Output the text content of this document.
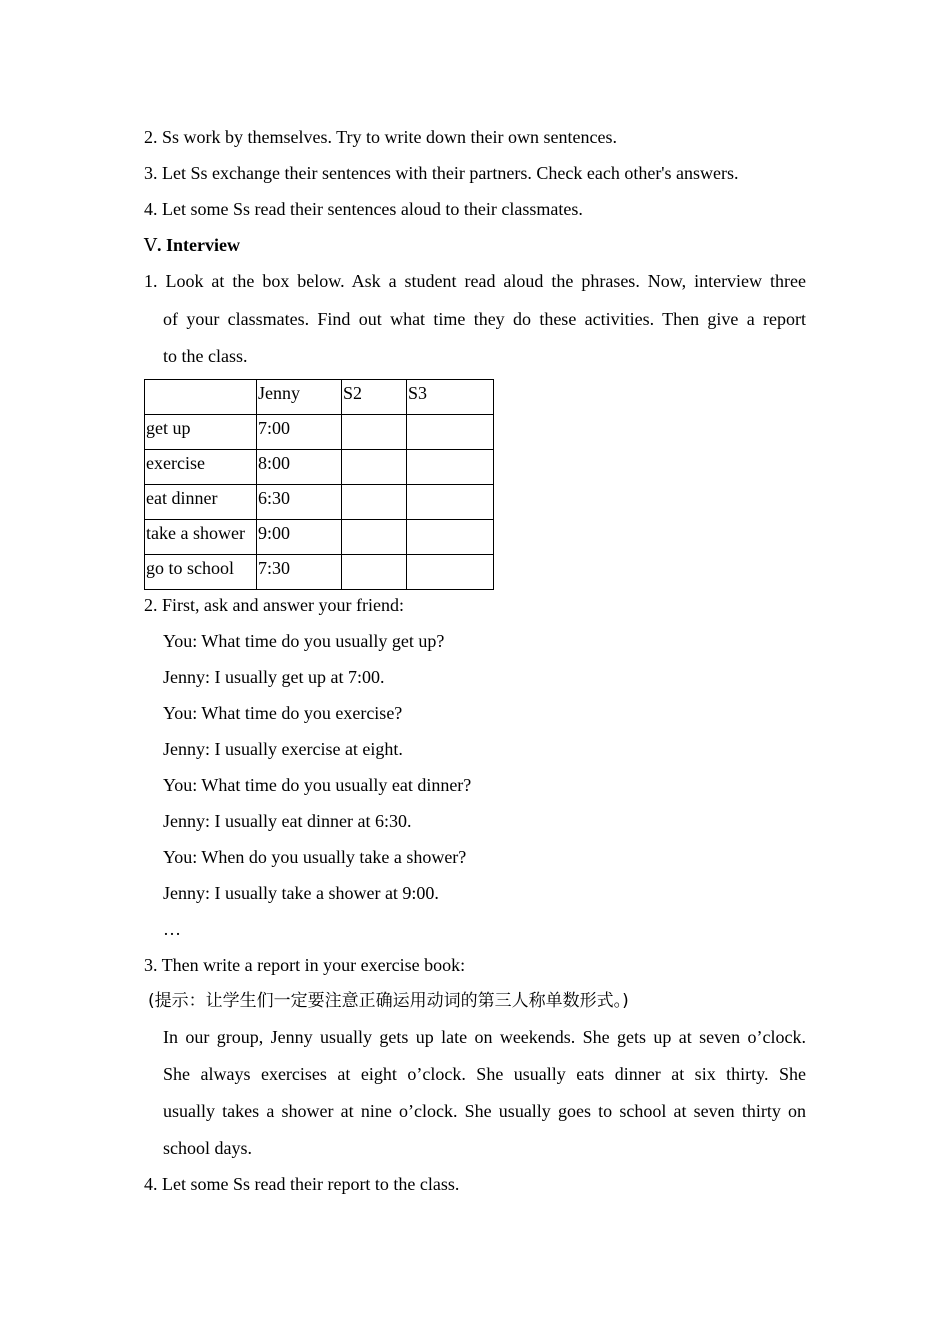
2. Ss work by themselves. Try to write down their own sentences.
3. Let Ss exchange their sentences with their partners. Check each other's answers.
4. Let some Ss read their sentences aloud to their classmates.
Ⅴ. Interview
1. Look at the box below. Ask a student read aloud the phrases. Now, interview three
of your classmates. Find out what time they do these activities. Then give a report
to the class.
	Jenny	S2	S3
get up	7:00		
exercise	8:00		
eat dinner	6:30		
take a shower	9:00		
go to school	7:30		
2. First, ask and answer your friend:
You: What time do you usually get up?
Jenny: I usually get up at 7:00.
You: What time do you exercise?
Jenny: I usually exercise at eight.
You: What time do you usually eat dinner?
Jenny: I usually eat dinner at 6:30.
You: When do you usually take a shower?
Jenny: I usually take a shower at 9:00.
…
3. Then write a report in your exercise book:
(提示：让学生们一定要注意正确运用动词的第三人称单数形式。)
In our group, Jenny usually gets up late on weekends. She gets up at seven o’clock.
She always exercises at eight o’clock. She usually eats dinner at six thirty. She
usually takes a shower at nine o’clock. She usually goes to school at seven thirty on
school days.
4. Let some Ss read their report to the class.
